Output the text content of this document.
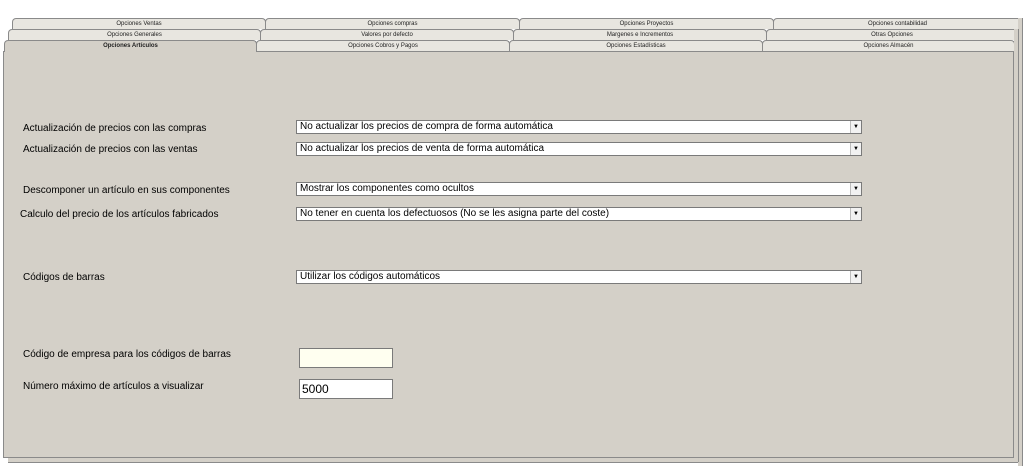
Opciones Ventas	Opciones compras	Opciones Proyectos	Opciones contabilidad
Opciones Generales	Valores por defecto	Margenes e Incrementos	Otras Opciones
Opciones Artículos	Opciones Cobros y Pagos	Opciones Estadísticas	Opciones Almacén
Actualización de precios con las compras	No actualizar los precios de compra de forma automática	▼
Actualización de precios con las ventas	No actualizar los precios de venta de forma automática	▼
Descomponer un artículo en sus componentes	Mostrar los componentes como ocultos	▼
Calculo del precio de los artículos fabricados	No tener en cuenta los defectuosos (No se les asigna parte del coste)	▼
Códigos de barras	Utilizar los códigos automáticos	▼
Código de empresa para los códigos de barras
Número máximo de artículos a visualizar	5000
